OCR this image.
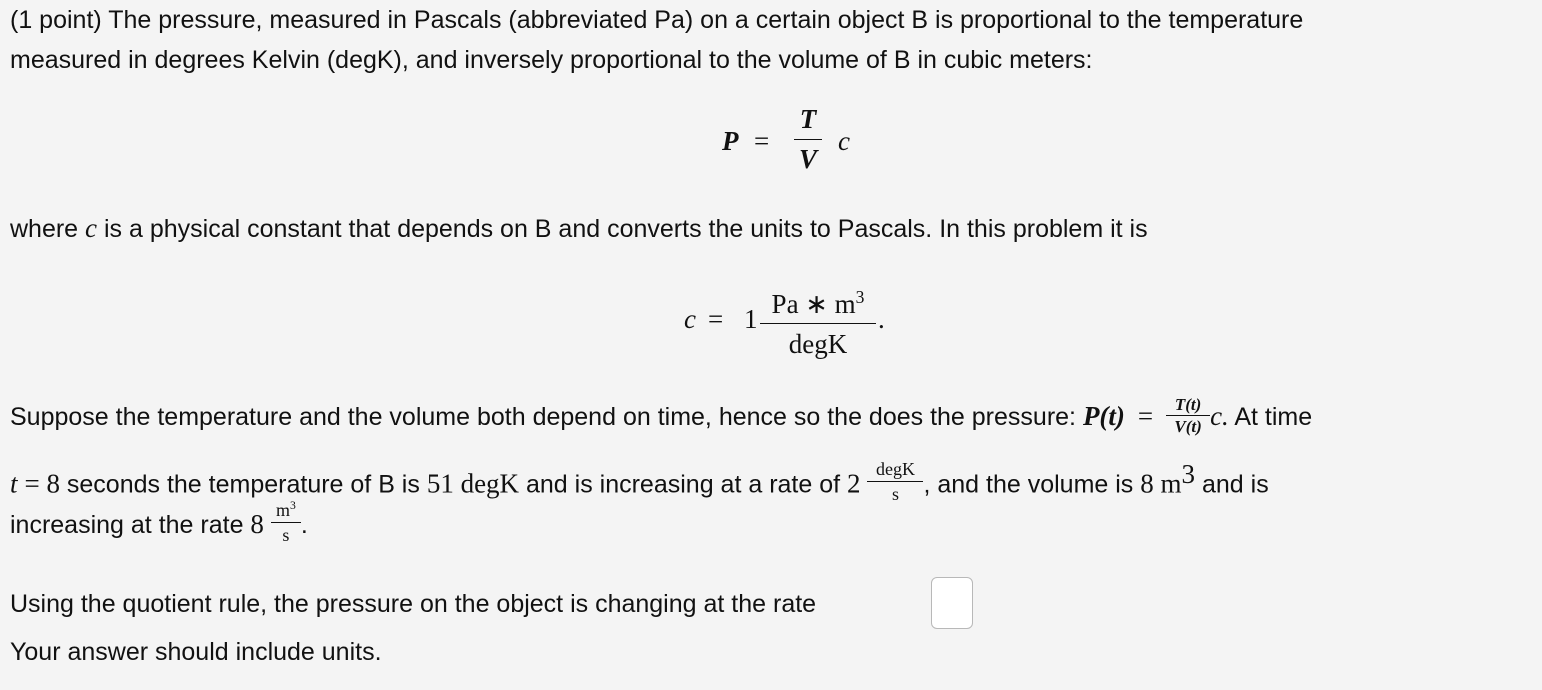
(1 point) The pressure, measured in Pascals (abbreviated Pa) on a certain object B is proportional to the temperature
measured in degrees Kelvin (degK), and inversely proportional to the volume of B in cubic meters:
P =
T
V
c
where c is a physical constant that depends on B and converts the units to Pascals. In this problem it is
c = 1 Pa ∗ $m^3$
degK
.
Suppose the temperature and the volume both depend on time, hence so the does the pressure: $P(t) = \frac{T(t)}{V(t)} c$. At time
t = 8 seconds the temperature of B is 51 degK and is increasing at a rate of $2 \frac{\text{degK}}{s}$ , and the volume is 8 $m^3$ and is
increasing at the rate $8 \frac{m^3}{s}$ .
Using the quotient rule, the pressure on the object is changing at the rate
Your answer should include units.
